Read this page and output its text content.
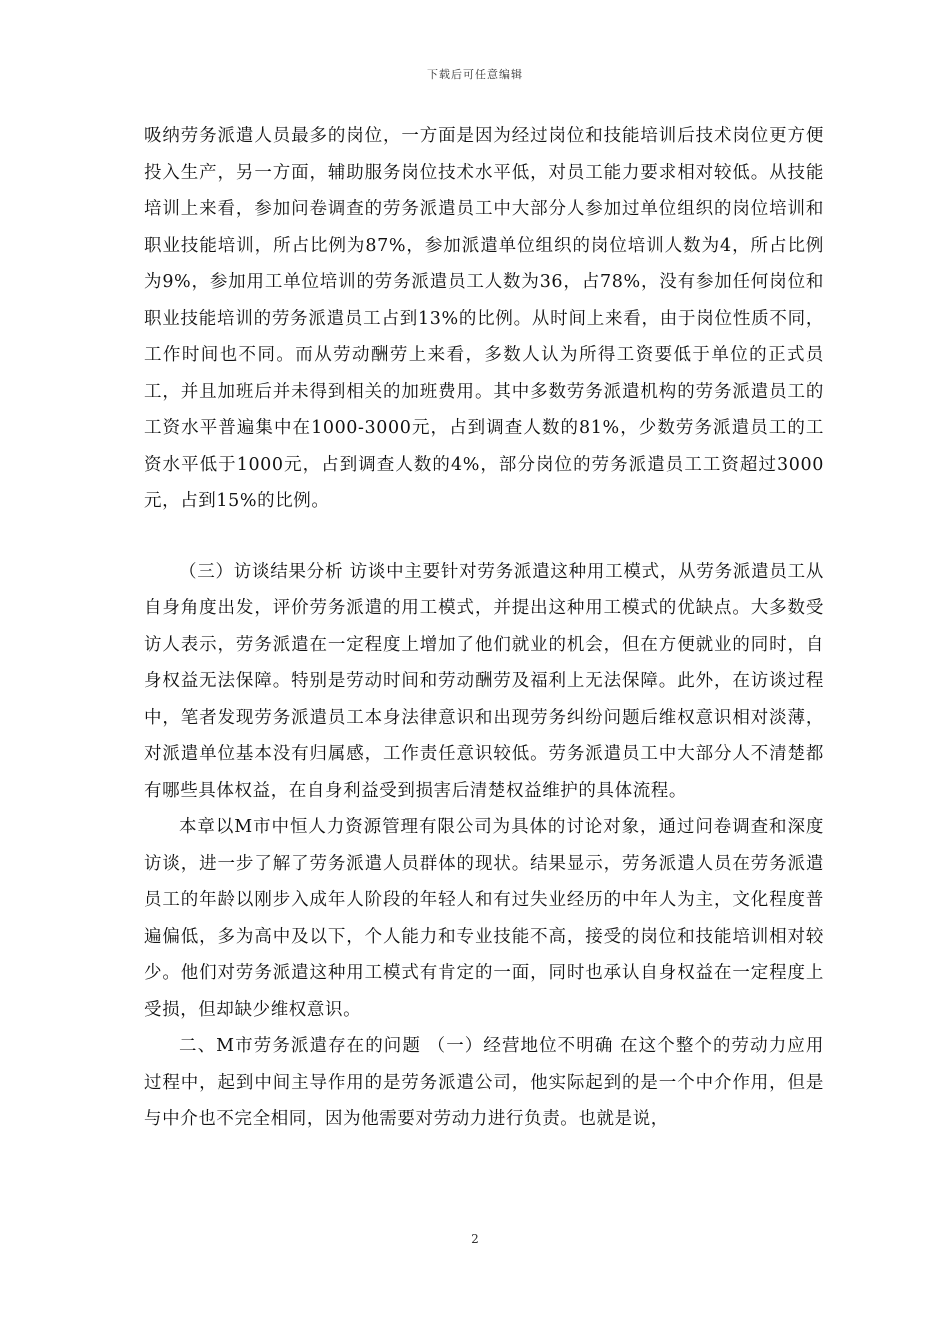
下载后可任意编辑

吸纳劳务派遣人员最多的岗位，一方面是因为经过岗位和技能培训后技术岗位更方便投入生产，另一方面，辅助服务岗位技术水平低，对员工能力要求相对较低。从技能培训上来看，参加问卷调查的劳务派遣员工中大部分人参加过单位组织的岗位培训和职业技能培训，所占比例为87%，参加派遣单位组织的岗位培训人数为4，所占比例为9%，参加用工单位培训的劳务派遣员工人数为36，占78%，没有参加任何岗位和职业技能培训的劳务派遣员工占到13%的比例。从时间上来看，由于岗位性质不同，工作时间也不同。而从劳动酬劳上来看，多数人认为所得工资要低于单位的正式员工，并且加班后并未得到相关的加班费用。其中多数劳务派遣机构的劳务派遣员工的工资水平普遍集中在1000-3000元，占到调查人数的81%，少数劳务派遣员工的工资水平低于1000元，占到调查人数的4%，部分岗位的劳务派遣员工工资超过3000元，占到15%的比例。

（三）访谈结果分析 访谈中主要针对劳务派遣这种用工模式，从劳务派遣员工从自身角度出发，评价劳务派遣的用工模式，并提出这种用工模式的优缺点。大多数受访人表示，劳务派遣在一定程度上增加了他们就业的机会，但在方便就业的同时，自身权益无法保障。特别是劳动时间和劳动酬劳及福利上无法保障。此外，在访谈过程中，笔者发现劳务派遣员工本身法律意识和出现劳务纠纷问题后维权意识相对淡薄，对派遣单位基本没有归属感，工作责任意识较低。劳务派遣员工中大部分人不清楚都有哪些具体权益，在自身利益受到损害后清楚权益维护的具体流程。

本章以M市中恒人力资源管理有限公司为具体的讨论对象，通过问卷调查和深度访谈，进一步了解了劳务派遣人员群体的现状。结果显示，劳务派遣人员在劳务派遣员工的年龄以刚步入成年人阶段的年轻人和有过失业经历的中年人为主，文化程度普遍偏低，多为高中及以下，个人能力和专业技能不高，接受的岗位和技能培训相对较少。他们对劳务派遣这种用工模式有肯定的一面，同时也承认自身权益在一定程度上受损，但却缺少维权意识。

二、M市劳务派遣存在的问题 （一）经营地位不明确 在这个整个的劳动力应用过程中，起到中间主导作用的是劳务派遣公司，他实际起到的是一个中介作用，但是与中介也不完全相同，因为他需要对劳动力进行负责。也就是说，

2
